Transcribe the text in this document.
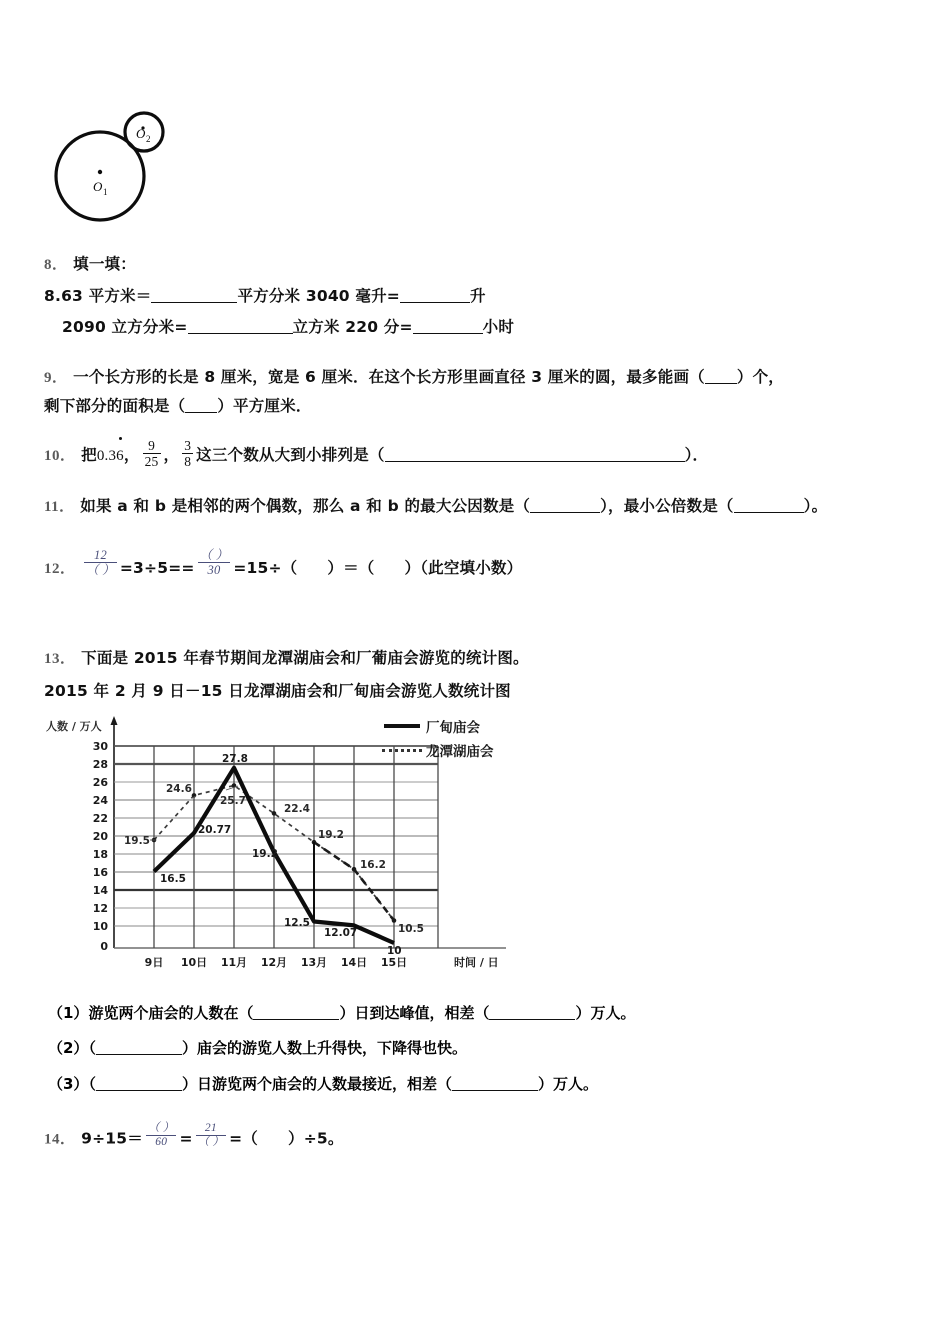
O 1
O 2
8． 填一填：
8.63 平方米＝	平方分米 3040 毫升=	升
2090 立方分米=	立方米 220 分=	小时
9． 一个长方形的长是 8 厘米，宽是 6 厘米．在这个长方形里画直径 3 厘米的圆，最多能画（ ）个，
剩下部分的面积是（ ）平方厘米．
10． 把
0.36， $\frac{9}{25}$ ， $\frac{3}{8}$ 这三个数从大到小排列是（	）．
11． 如果 a 和 b 是相邻的两个偶数，那么 a 和 b 的最大公因数是（	），最小公倍数是（	）。
12． $\frac{12}{( )} =3\div 5== \frac{( )}{30} =15\div$（ ）＝（ ）（此空填小数）
13． 下面是 2015 年春节期间龙潭湖庙会和厂葡庙会游览的统计图。
2015 年 2 月 9 日－15 日龙潭湖庙会和厂甸庙会游览人数统计图
人数 / 万人
30
28
26
24
22
20
18
16
14
12
10
0
9日 10日 11月 12月 13月 14日 15日	时间 / 日
16.5
20.77
27.8
19.2
12.5
12.07
10
19.5
24.6
25.7
22.4
19.2
16.2
10.5
厂甸庙会
龙潭湖庙会
（1）游览两个庙会的人数在（	）日到达峰值，相差（	）万人。
（2）（	）庙会的游览人数上升得快，下降得也快。
（3）（	）日游览两个庙会的人数最接近，相差（	）万人。
14． $9\div 15= \frac{( )}{60} = \frac{21}{( )}$ =（ ）÷5。
